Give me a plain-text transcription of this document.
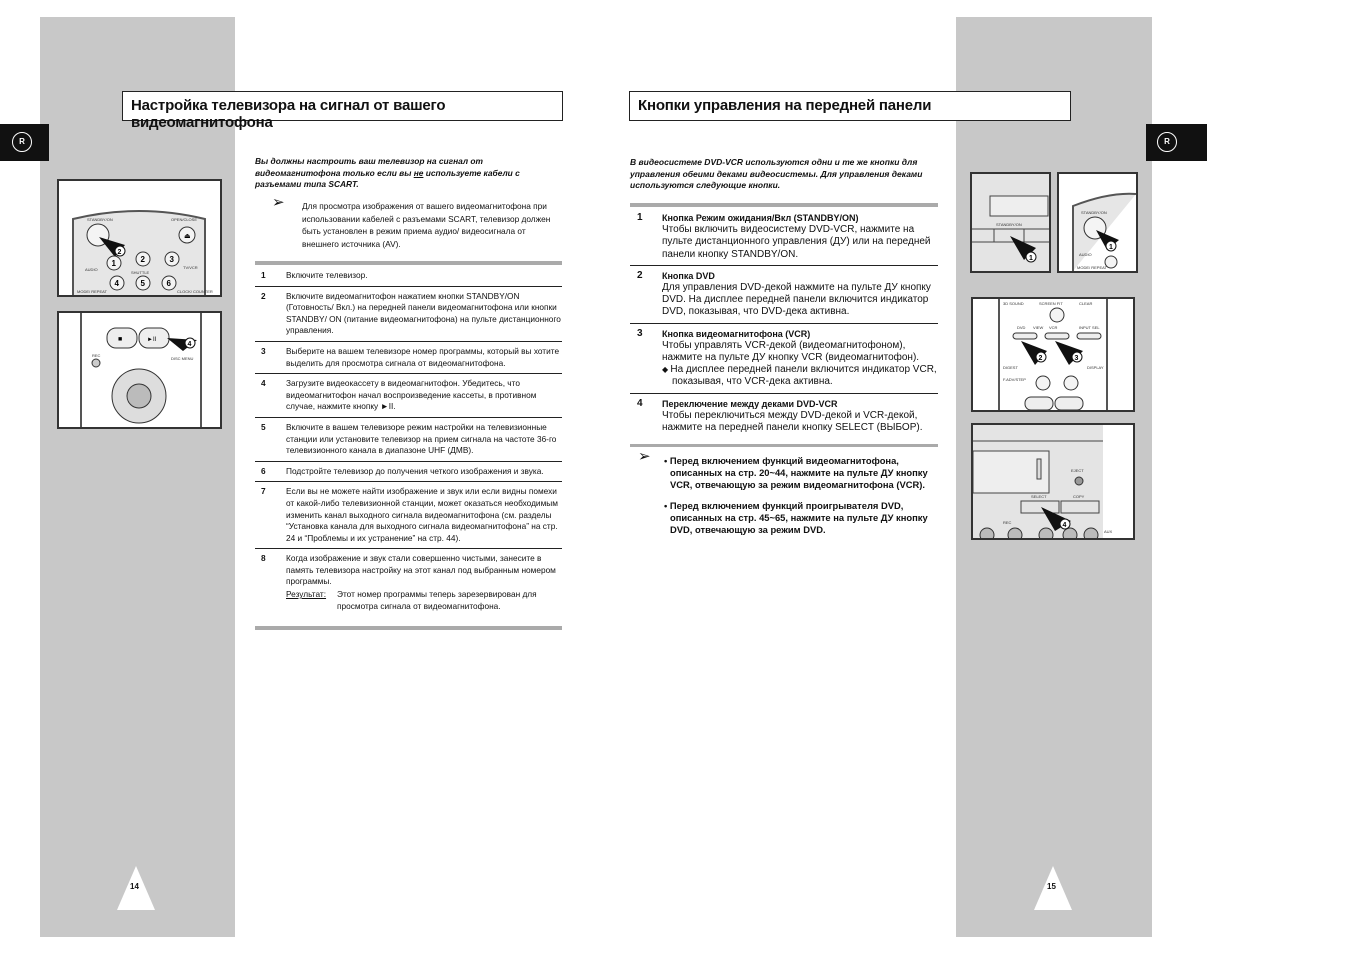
Настройка телевизора на сигнал от вашего видеомагнитофона
Кнопки управления на передней панели
R	R
14	15
Вы должны настроить ваш телевизор на сигнал от видеомагнитофона только если вы не используете кабели с разъемами типа SCART.
➢ Для просмотра изображения от вашего видеомагнитофона при использовании кабелей с разъемами SCART, телевизор должен быть установлен в режим приема аудио/ видеосигнала от внешнего источника (AV).
1	Включите телевизор.
2	Включите видеомагнитофон нажатием кнопки STANDBY/ON (Готовность/ Вкл.) на передней панели видеомагнитофона или кнопки STANDBY/ ON (питание видеомагнитофона) на пульте дистанционного управления.
3	Выберите на вашем телевизоре номер программы, который вы хотите выделить для просмотра сигнала от видеомагнитофона.
4	Загрузите видеокассету в видеомагнитофон. Убедитесь, что видеомагнитофон начал воспроизведение кассеты, в противном случае, нажмите кнопку ►II.
5	Включите в вашем телевизоре режим настройки на телевизионные станции или установите телевизор на прием сигнала на частоте 36-го телевизионного канала в диапазоне UHF (ДМВ).
6	Подстройте телевизор до получения четкого изображения и звука.
7	Если вы не можете найти изображение и звук или если видны помехи от какой-либо телевизионной станции, может оказаться необходимым изменить канал выходного сигнала видеомагнитофона (см. разделы “Установка канала для выходного сигнала видеомагнитофона” на стр. 24 и “Проблемы и их устранение” на стр. 44).
8	Когда изображение и звук стали совершенно чистыми, занесите в память телевизора настройку на этот канал под выбранным номером программы.
Результат:	Этот номер программы теперь зарезервирован для просмотра сигнала от видеомагнитофона.
В видеосистеме DVD-VCR используются одни и те же кнопки для управления обеими деками видеосистемы. Для управления деками используются следующие кнопки.
1	Кнопка Режим ожидания/Вкл (STANDBY/ON)
Чтобы включить видеосистему DVD-VCR, нажмите на пульте дистанционного управления (ДУ) или на передней панели кнопку STANDBY/ON.
2	Кнопка DVD
Для управления DVD-декой нажмите на пульте ДУ кнопку DVD. На дисплее передней панели включится индикатор DVD, показывая, что DVD-дека активна.
3	Кнопка видеомагнитофона (VCR)
Чтобы управлять VCR-декой (видеомагнитофоном), нажмите на пульте ДУ кнопку VCR (видеомагнитофон).
◆ На дисплее передней панели включится индикатор VCR, показывая, что VCR-дека активна.
4	Переключение между деками DVD-VCR
Чтобы переключиться между DVD-декой и VCR-декой, нажмите на передней панели кнопку SELECT (ВЫБОР).
➢ • Перед включением функций видеомагнитофона, описанных на стр. 20~44, нажмите на пульте ДУ кнопку VCR, отвечающую за режим видеомагнитофона (VCR).
• Перед включением функций проигрывателя DVD, описанных на стр. 45~65, нажмите на пульте ДУ кнопку DVD, отвечающую за режим DVD.
⏏
2
1	2	3
4	5	6
STANDBY/ON	OPEN/CLOSE
AUDIO
SHUTTLE
TV/VCR
MODE/ REPEAT	CLOCK/ COUNTER
■	►II
4
REC
DISC MENU
1
STANDBY/ON
1
STANDBY/ON
AUDIO
MODE/ REPEAT
2	3
3D SOUND	SCREEN FIT	CLEAR
DVD VIEW VCR	INPUT SEL
DIGEST	DISPLAY
F.ADV/STEP
4
EJECT
SELECT	COPY
REC
AUX
